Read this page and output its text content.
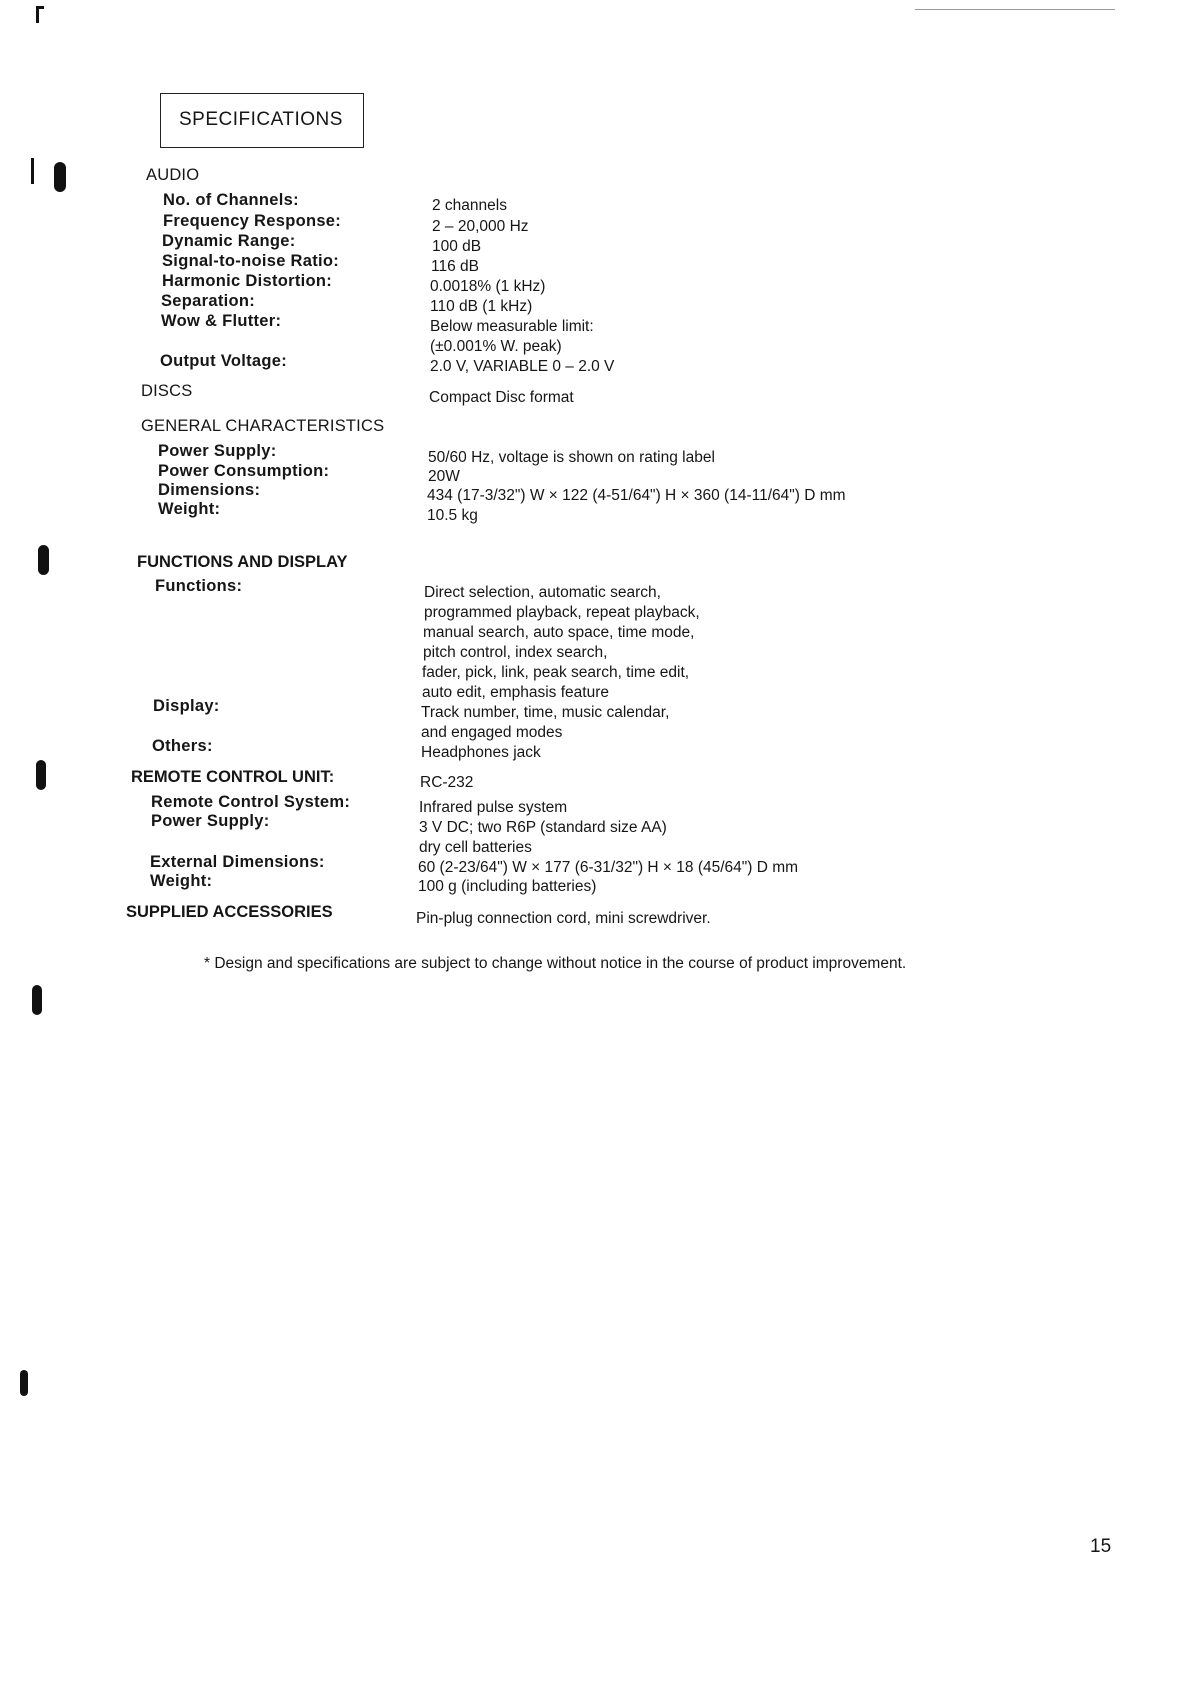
SPECIFICATIONS
AUDIO
No. of Channels:
Frequency Response:
Dynamic Range:
Signal-to-noise Ratio:
Harmonic Distortion:
Separation:
Wow & Flutter:
Output Voltage:
2 channels
2 – 20,000 Hz
100 dB
116 dB
0.0018% (1 kHz)
110 dB (1 kHz)
Below measurable limit:
(±0.001% W. peak)
2.0 V, VARIABLE 0 – 2.0 V
DISCS	Compact Disc format
GENERAL CHARACTERISTICS
Power Supply:
Power Consumption:
Dimensions:
Weight:
50/60 Hz, voltage is shown on rating label
20W
434 (17-3/32") W × 122 (4-51/64") H × 360 (14-11/64") D mm
10.5 kg
FUNCTIONS AND DISPLAY
Functions:
Display:
Others:
Direct selection, automatic search,
programmed playback, repeat playback,
manual search, auto space, time mode,
pitch control, index search,
fader, pick, link, peak search, time edit,
auto edit, emphasis feature
Track number, time, music calendar,
and engaged modes
Headphones jack
REMOTE CONTROL UNIT:
Remote Control System:
Power Supply:
External Dimensions:
Weight:
RC-232
Infrared pulse system
3 V DC; two R6P (standard size AA)
dry cell batteries
60 (2-23/64") W × 177 (6-31/32") H × 18 (45/64") D mm
100 g (including batteries)
SUPPLIED ACCESSORIES	Pin-plug connection cord, mini screwdriver.
* Design and specifications are subject to change without notice in the course of product improvement.
15
